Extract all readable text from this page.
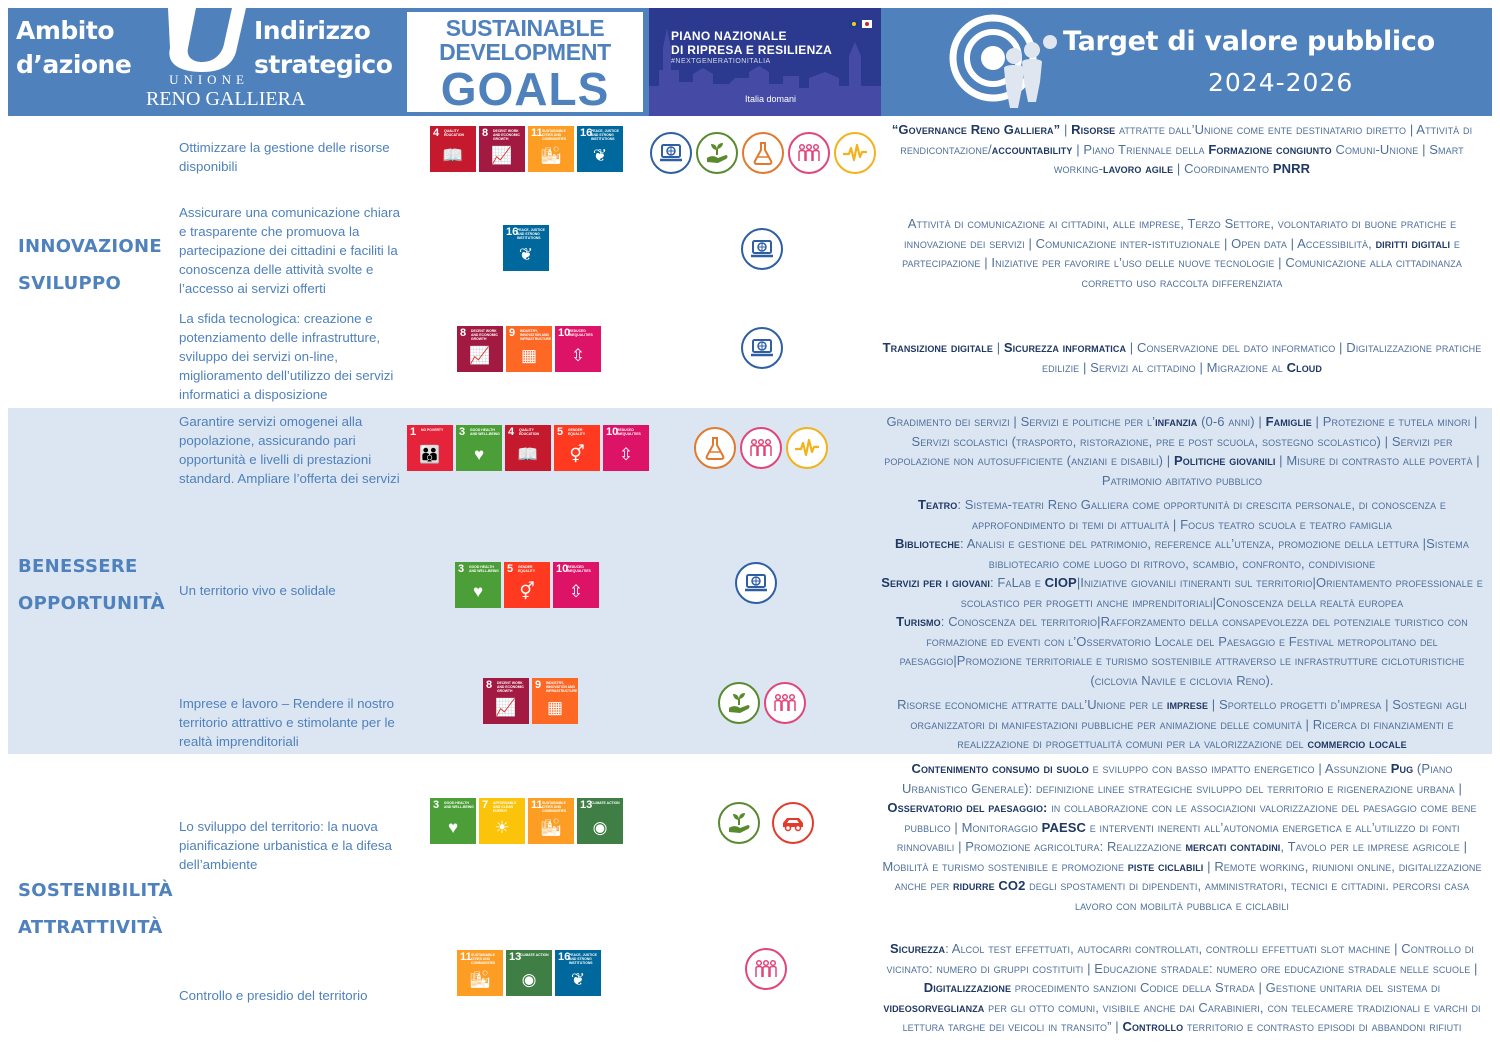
Ambito
d’azione
UNIONE
RENO GALLIERA
Indirizzo
strategico
SUSTAINABLE
DEVELOPMENT
GOALS
PIANO NAZIONALE
DI RIPRESA E RESILIENZA
#NEXTGENERATIONITALIA
Italia domani
Target di valore pubblico
2024-2026
INNOVAZIONE
SVILUPPO
BENESSERE
OPPORTUNITÀ
SOSTENIBILITÀ
ATTRATTIVITÀ
Ottimizzare la gestione delle risorse disponibili
Assicurare una comunicazione chiara e trasparente che promuova la partecipazione dei cittadini e faciliti la conoscenza delle attività svolte e l’accesso ai servizi offerti
La sfida tecnologica: creazione e potenziamento delle infrastrutture, sviluppo dei servizi on-line, miglioramento dell’utilizzo dei servizi informatici a disposizione
Garantire servizi omogenei alla popolazione, assicurando pari opportunità e livelli di prestazioni standard. Ampliare l’offerta dei servizi
Un territorio vivo e solidale
Imprese e lavoro – Rendere il nostro territorio attrattivo e stimolante per le realtà imprenditoriali
Lo sviluppo del territorio: la nuova pianificazione urbanistica e la difesa dell’ambiente
Controllo e presidio del territorio
4 QUALITY EDUCATION
📖
8 DECENT WORK AND ECONOMIC GROWTH
📈
11 SUSTAINABLE CITIES AND COMMUNITIES
🏙
16
PEACE, JUSTICE AND STRONG INSTITUTIONS
❦
16
PEACE, JUSTICE AND STRONG INSTITUTIONS
❦
8 DECENT WORK AND ECONOMIC GROWTH
📈
9 INDUSTRY, INNOVATION AND INFRASTRUCTURE
▦
10
REDUCED INEQUALITIES
⇳
1 NO POVERTY
👪
3 GOOD HEALTH AND WELL-BEING
♥
4 QUALITY EDUCATION
📖
5 GENDER EQUALITY
⚥
10
REDUCED INEQUALITIES
⇳
3 GOOD HEALTH AND WELL-BEING
♥
5 GENDER EQUALITY
⚥
10
REDUCED INEQUALITIES
⇳
8 DECENT WORK AND ECONOMIC GROWTH
📈
9 INDUSTRY, INNOVATION AND INFRASTRUCTURE
▦
3 GOOD HEALTH AND WELL-BEING
♥
7 AFFORDABLE AND CLEAN ENERGY
☀
11 SUSTAINABLE CITIES AND COMMUNITIES
🏙
13
CLIMATE ACTION
◉
11 SUSTAINABLE CITIES AND COMMUNITIES
🏙
13
CLIMATE ACTION
◉
16
PEACE, JUSTICE AND STRONG INSTITUTIONS
❦
“Governance Reno Galliera” | Risorse attratte dall’Unione come ente destinatario diretto | Attività di rendicontazione/accountability | Piano Triennale della Formazione congiunto Comuni-Unione | Smart working-lavoro agile | Coordinamento PNRR
Attività di comunicazione ai cittadini, alle imprese, Terzo Settore, volontariato di buone pratiche e innovazione dei servizi | Comunicazione inter-istituzionale | Open data | Accessibilità, diritti digitali e partecipazione | Iniziative per favorire l’uso delle nuove tecnologie | Comunicazione alla cittadinanza corretto uso raccolta differenziata
Transizione digitale | Sicurezza informatica | Conservazione del dato informatico | Digitalizzazione pratiche edilizie | Servizi al cittadino | Migrazione al Cloud
Gradimento dei servizi | Servizi e politiche per l’infanzia (0-6 anni) | Famiglie | Protezione e tutela minori | Servizi scolastici (trasporto, ristorazione, pre e post scuola, sostegno scolastico) | Servizi per popolazione non autosufficiente (anziani e disabili) | Politiche giovanili | Misure di contrasto alle povertà | Patrimonio abitativo pubblico

Teatro: Sistema-teatri Reno Galliera come opportunità di crescita personale, di conoscenza e approfondimento di temi di attualità | Focus teatro scuola e teatro famiglia

Biblioteche: Analisi e gestione del patrimonio, reference all’utenza, promozione della lettura |Sistema bibliotecario come luogo di ritrovo, scambio, confronto, condivisione

Servizi per i giovani: FaLab e CIOP|Iniziative giovanili itineranti sul territorio|Orientamento professionale e scolastico per progetti anche imprenditoriali|Conoscenza della realtà europea

Turismo: Conoscenza del territorio|Rafforzamento della consapevolezza del potenziale turistico con formazione ed eventi con l’Osservatorio Locale del Paesaggio e Festival metropolitano del paesaggio|Promozione territoriale e turismo sostenibile attraverso le infrastrutture cicloturistiche (ciclovia Navile e ciclovia Reno).

Risorse economiche attratte dall’Unione per le imprese | Sportello progetti d’impresa | Sostegni agli organizzatori di manifestazioni pubbliche per animazione delle comunità | Ricerca di finanziamenti e realizzazione di progettualità comuni per la valorizzazione del commercio locale
Contenimento consumo di suolo e sviluppo con basso impatto energetico | Assunzione Pug (Piano Urbanistico Generale): definizione linee strategiche sviluppo del territorio e rigenerazione urbana | Osservatorio del paesaggio: in collaborazione con le associazioni valorizzazione del paesaggio come bene pubblico | Monitoraggio PAESC e interventi inerenti all’autonomia energetica e all’utilizzo di fonti rinnovabili | Promozione agricoltura: Realizzazione mercati contadini, Tavolo per le imprese agricole | Mobilità e turismo sostenibile e promozione piste ciclabili | Remote working, riunioni online, digitalizzazione anche per ridurre CO2 degli spostamenti di dipendenti, amministratori, tecnici e cittadini. percorsi casa lavoro con mobilità pubblica e ciclabili
Sicurezza: Alcol test effettuati, autocarri controllati, controlli effettuati slot machine | Controllo di vicinato: numero di gruppi costituiti | Educazione stradale: numero ore educazione stradale nelle scuole | Digitalizzazione procedimento sanzioni Codice della Strada | Gestione unitaria del sistema di videosorveglianza per gli otto comuni, visibile anche dai Carabinieri, con telecamere tradizionali e varchi di lettura targhe dei veicoli in transito” | Controllo territorio e contrasto episodi di abbandoni rifiuti
